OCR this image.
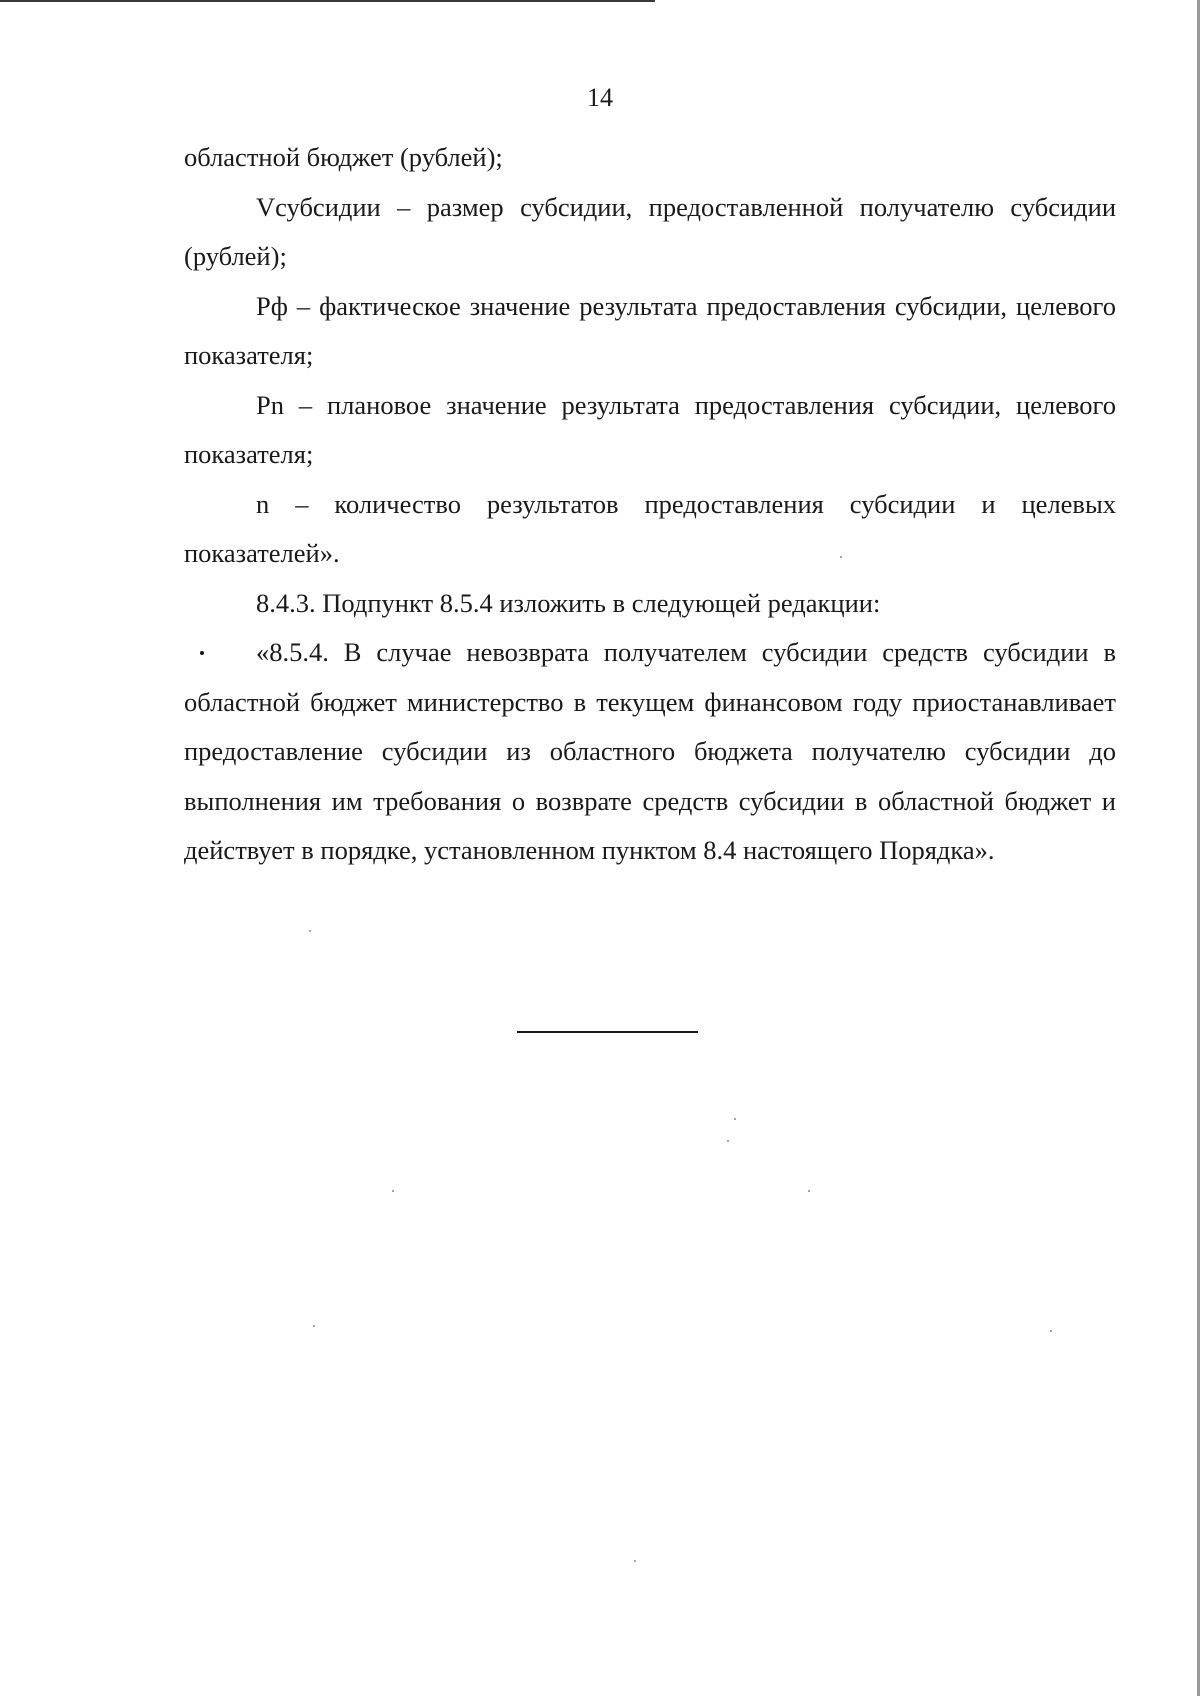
14

областной бюджет (рублей);

Vсубсидии – размер субсидии, предоставленной получателю субсидии (рублей);

Рф – фактическое значение результата предоставления субсидии, целевого показателя;

Pn – плановое значение результата предоставления субсидии, целевого показателя;

n – количество результатов предоставления субсидии и целевых показателей».

8.4.3. Подпункт 8.5.4 изложить в следующей редакции:

«8.5.4. В случае невозврата получателем субсидии средств субсидии в областной бюджет министерство в текущем финансовом году приостанавливает предоставление субсидии из областного бюджета получателю субсидии до выполнения им требования о возврате средств субсидии в областной бюджет и действует в порядке, установленном пунктом 8.4 настоящего Порядка».
